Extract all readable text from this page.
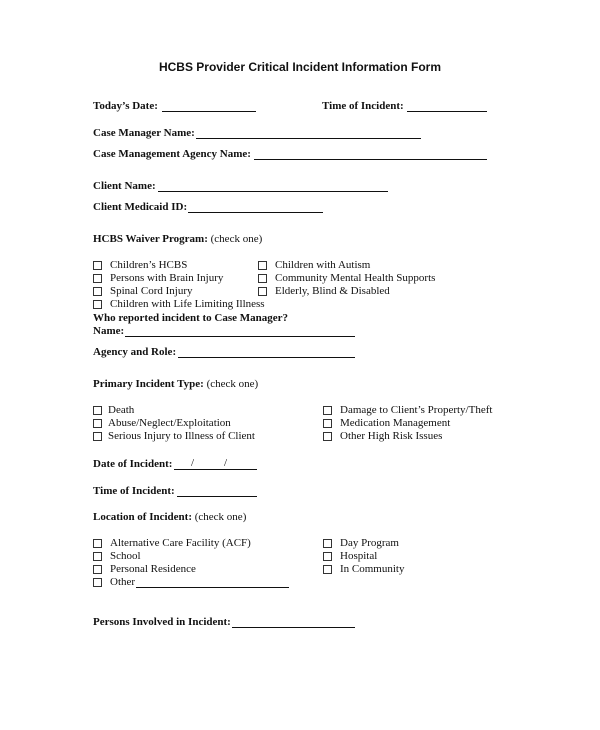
HCBS Provider Critical Incident Information Form
Today’s Date:	Time of Incident:
Case Manager Name:
Case Management Agency Name:
Client Name:
Client Medicaid ID:
HCBS Waiver Program: (check one)
Children’s HCBS
Persons with Brain Injury
Spinal Cord Injury
Children with Life Limiting Illness
Children with Autism
Community Mental Health Supports
Elderly, Blind & Disabled
Who reported incident to Case Manager?
Name:
Agency and Role:
Primary Incident Type: (check one)
Death
Abuse/Neglect/Exploitation
Serious Injury to Illness of Client
Damage to Client’s Property/Theft
Medication Management
Other High Risk Issues
Date of Incident: /	/
Time of Incident:
Location of Incident: (check one)
Alternative Care Facility (ACF)
School
Personal Residence
Other
Day Program
Hospital
In Community
Persons Involved in Incident:
